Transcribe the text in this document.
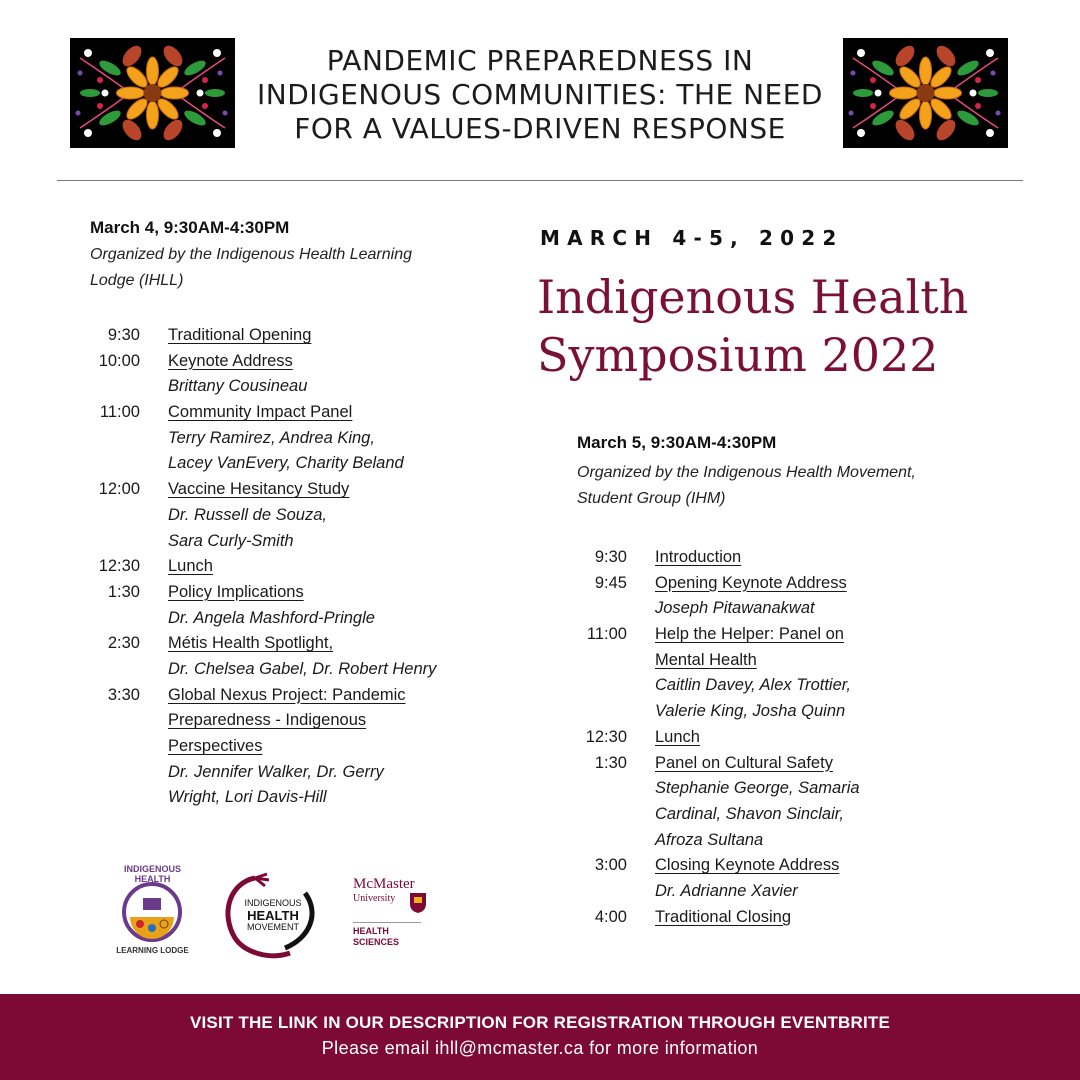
PANDEMIC PREPAREDNESS IN
INDIGENOUS COMMUNITIES: THE NEED
FOR A VALUES-DRIVEN RESPONSE
March 4, 9:30AM-4:30PM
Organized by the Indigenous Health Learning
Lodge (IHLL)
9:30 Traditional Opening
10:00 Keynote Address
Brittany Cousineau
11:00 Community Impact Panel
Terry Ramirez, Andrea King,
Lacey VanEvery, Charity Beland
12:00 Vaccine Hesitancy Study
Dr. Russell de Souza,
Sara Curly-Smith
12:30 Lunch
1:30 Policy Implications
Dr. Angela Mashford-Pringle
2:30 Métis Health Spotlight,
Dr. Chelsea Gabel, Dr. Robert Henry
3:30 Global Nexus Project: Pandemic
Preparedness - Indigenous
Perspectives
Dr. Jennifer Walker, Dr. Gerry
Wright, Lori Davis-Hill
MARCH 4-5, 2022
Indigenous Health
Symposium 2022
March 5, 9:30AM-4:30PM
Organized by the Indigenous Health Movement,
Student Group (IHM)
9:30 Introduction
9:45 Opening Keynote Address
Joseph Pitawanakwat
11:00 Help the Helper: Panel on
Mental Health
Caitlin Davey, Alex Trottier,
Valerie King, Josha Quinn
12:30 Lunch
1:30 Panel on Cultural Safety
Stephanie George, Samaria
Cardinal, Shavon Sinclair,
Afroza Sultana
3:00 Closing Keynote Address
Dr. Adrianne Xavier
4:00 Traditional Closing
INDIGENOUS HEALTH
LEARNING LODGE
INDIGENOUS
HEALTH
MOVEMENT
McMaster
University
HEALTH
SCIENCES
VISIT THE LINK IN OUR DESCRIPTION FOR REGISTRATION THROUGH EVENTBRITE
Please email ihll@mcmaster.ca for more information
